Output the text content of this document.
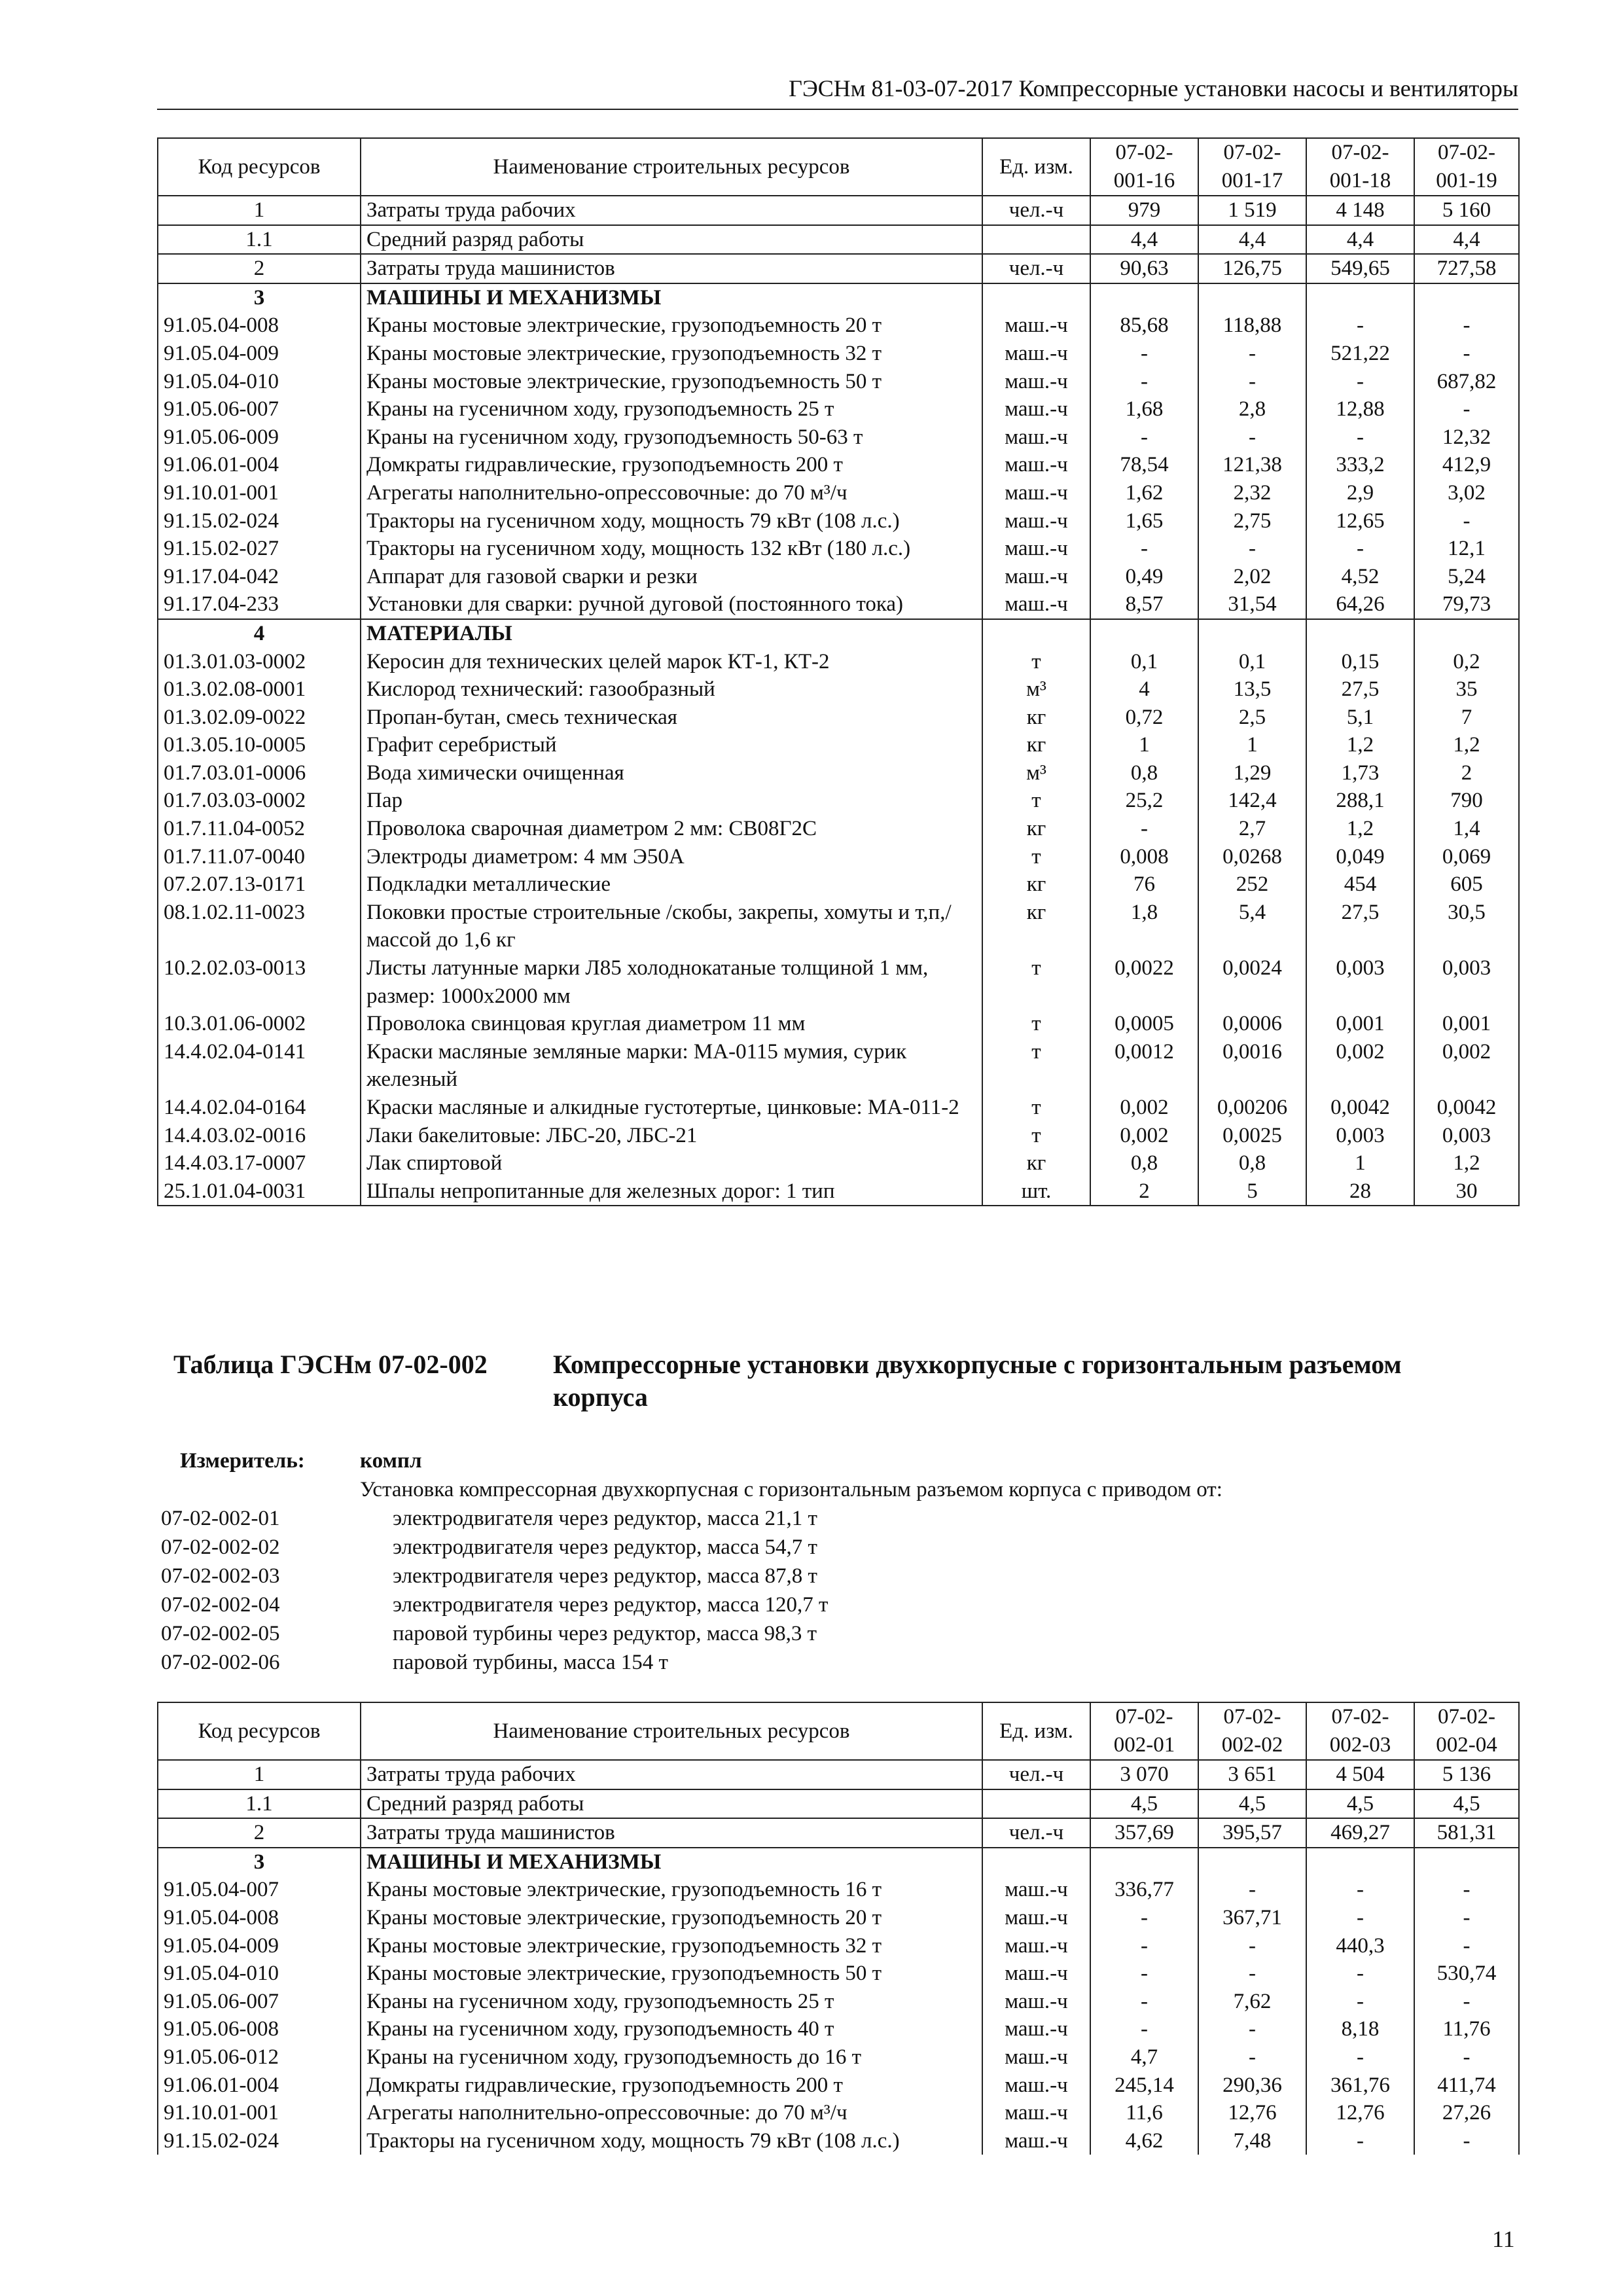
ГЭСНм 81-03-07-2017 Компрессорные установки насосы и вентиляторы
Код ресурсов	Наименование строительных ресурсов	Ед. изм.	07-02-001-16	07-02-001-17	07-02-001-18	07-02-001-19
1	Затраты труда рабочих	чел.-ч	979	1 519	4 148	5 160
1.1	Средний разряд работы		4,4	4,4	4,4	4,4
2	Затраты труда машинистов	чел.-ч	90,63	126,75	549,65	727,58
3	МАШИНЫ И МЕХАНИЗМЫ					
91.05.04-008	Краны мостовые электрические, грузоподъемность 20 т	маш.-ч	85,68	118,88	-	-
91.05.04-009	Краны мостовые электрические, грузоподъемность 32 т	маш.-ч	-	-	521,22	-
91.05.04-010	Краны мостовые электрические, грузоподъемность 50 т	маш.-ч	-	-	-	687,82
91.05.06-007	Краны на гусеничном ходу, грузоподъемность 25 т	маш.-ч	1,68	2,8	12,88	-
91.05.06-009	Краны на гусеничном ходу, грузоподъемность 50-63 т	маш.-ч	-	-	-	12,32
91.06.01-004	Домкраты гидравлические, грузоподъемность 200 т	маш.-ч	78,54	121,38	333,2	412,9
91.10.01-001	Агрегаты наполнительно-опрессовочные: до 70 м³/ч	маш.-ч	1,62	2,32	2,9	3,02
91.15.02-024	Тракторы на гусеничном ходу, мощность 79 кВт (108 л.с.)	маш.-ч	1,65	2,75	12,65	-
91.15.02-027	Тракторы на гусеничном ходу, мощность 132 кВт (180 л.с.)	маш.-ч	-	-	-	12,1
91.17.04-042	Аппарат для газовой сварки и резки	маш.-ч	0,49	2,02	4,52	5,24
91.17.04-233	Установки для сварки: ручной дуговой (постоянного тока)	маш.-ч	8,57	31,54	64,26	79,73
4	МАТЕРИАЛЫ					
01.3.01.03-0002	Керосин для технических целей марок КТ-1, КТ-2	т	0,1	0,1	0,15	0,2
01.3.02.08-0001	Кислород технический: газообразный	м³	4	13,5	27,5	35
01.3.02.09-0022	Пропан-бутан, смесь техническая	кг	0,72	2,5	5,1	7
01.3.05.10-0005	Графит серебристый	кг	1	1	1,2	1,2
01.7.03.01-0006	Вода химически очищенная	м³	0,8	1,29	1,73	2
01.7.03.03-0002	Пар	т	25,2	142,4	288,1	790
01.7.11.04-0052	Проволока сварочная диаметром 2 мм: СВ08Г2С	кг	-	2,7	1,2	1,4
01.7.11.07-0040	Электроды диаметром: 4 мм Э50А	т	0,008	0,0268	0,049	0,069
07.2.07.13-0171	Подкладки металлические	кг	76	252	454	605
08.1.02.11-0023	Поковки простые строительные /скобы, закрепы, хомуты и т,п,/ массой до 1,6 кг	кг	1,8	5,4	27,5	30,5
10.2.02.03-0013	Листы латунные марки Л85 холоднокатаные толщиной 1 мм, размер: 1000х2000 мм	т	0,0022	0,0024	0,003	0,003
10.3.01.06-0002	Проволока свинцовая круглая диаметром 11 мм	т	0,0005	0,0006	0,001	0,001
14.4.02.04-0141	Краски масляные земляные марки: МА-0115 мумия, сурик железный	т	0,0012	0,0016	0,002	0,002
14.4.02.04-0164	Краски масляные и алкидные густотертые, цинковые: МА-011-2	т	0,002	0,00206	0,0042	0,0042
14.4.03.02-0016	Лаки бакелитовые: ЛБС-20, ЛБС-21	т	0,002	0,0025	0,003	0,003
14.4.03.17-0007	Лак спиртовой	кг	0,8	0,8	1	1,2
25.1.01.04-0031	Шпалы непропитанные для железных дорог: 1 тип	шт.	2	5	28	30
Таблица ГЭСНм 07-02-002	Компрессорные установки двухкорпусные с горизонтальным разъемом корпуса
Измеритель:	компл
Установка компрессорная двухкорпусная с горизонтальным разъемом корпуса с приводом от:
07-02-002-01	электродвигателя через редуктор, масса 21,1 т
07-02-002-02	электродвигателя через редуктор, масса 54,7 т
07-02-002-03	электродвигателя через редуктор, масса 87,8 т
07-02-002-04	электродвигателя через редуктор, масса 120,7 т
07-02-002-05	паровой турбины через редуктор, масса 98,3 т
07-02-002-06	паровой турбины, масса 154 т
Код ресурсов	Наименование строительных ресурсов	Ед. изм.	07-02-002-01	07-02-002-02	07-02-002-03	07-02-002-04
1	Затраты труда рабочих	чел.-ч	3 070	3 651	4 504	5 136
1.1	Средний разряд работы		4,5	4,5	4,5	4,5
2	Затраты труда машинистов	чел.-ч	357,69	395,57	469,27	581,31
3	МАШИНЫ И МЕХАНИЗМЫ					
91.05.04-007	Краны мостовые электрические, грузоподъемность 16 т	маш.-ч	336,77	-	-	-
91.05.04-008	Краны мостовые электрические, грузоподъемность 20 т	маш.-ч	-	367,71	-	-
91.05.04-009	Краны мостовые электрические, грузоподъемность 32 т	маш.-ч	-	-	440,3	-
91.05.04-010	Краны мостовые электрические, грузоподъемность 50 т	маш.-ч	-	-	-	530,74
91.05.06-007	Краны на гусеничном ходу, грузоподъемность 25 т	маш.-ч	-	7,62	-	-
91.05.06-008	Краны на гусеничном ходу, грузоподъемность 40 т	маш.-ч	-	-	8,18	11,76
91.05.06-012	Краны на гусеничном ходу, грузоподъемность до 16 т	маш.-ч	4,7	-	-	-
91.06.01-004	Домкраты гидравлические, грузоподъемность 200 т	маш.-ч	245,14	290,36	361,76	411,74
91.10.01-001	Агрегаты наполнительно-опрессовочные: до 70 м³/ч	маш.-ч	11,6	12,76	12,76	27,26
91.15.02-024	Тракторы на гусеничном ходу, мощность 79 кВт (108 л.с.)	маш.-ч	4,62	7,48	-	-
11
